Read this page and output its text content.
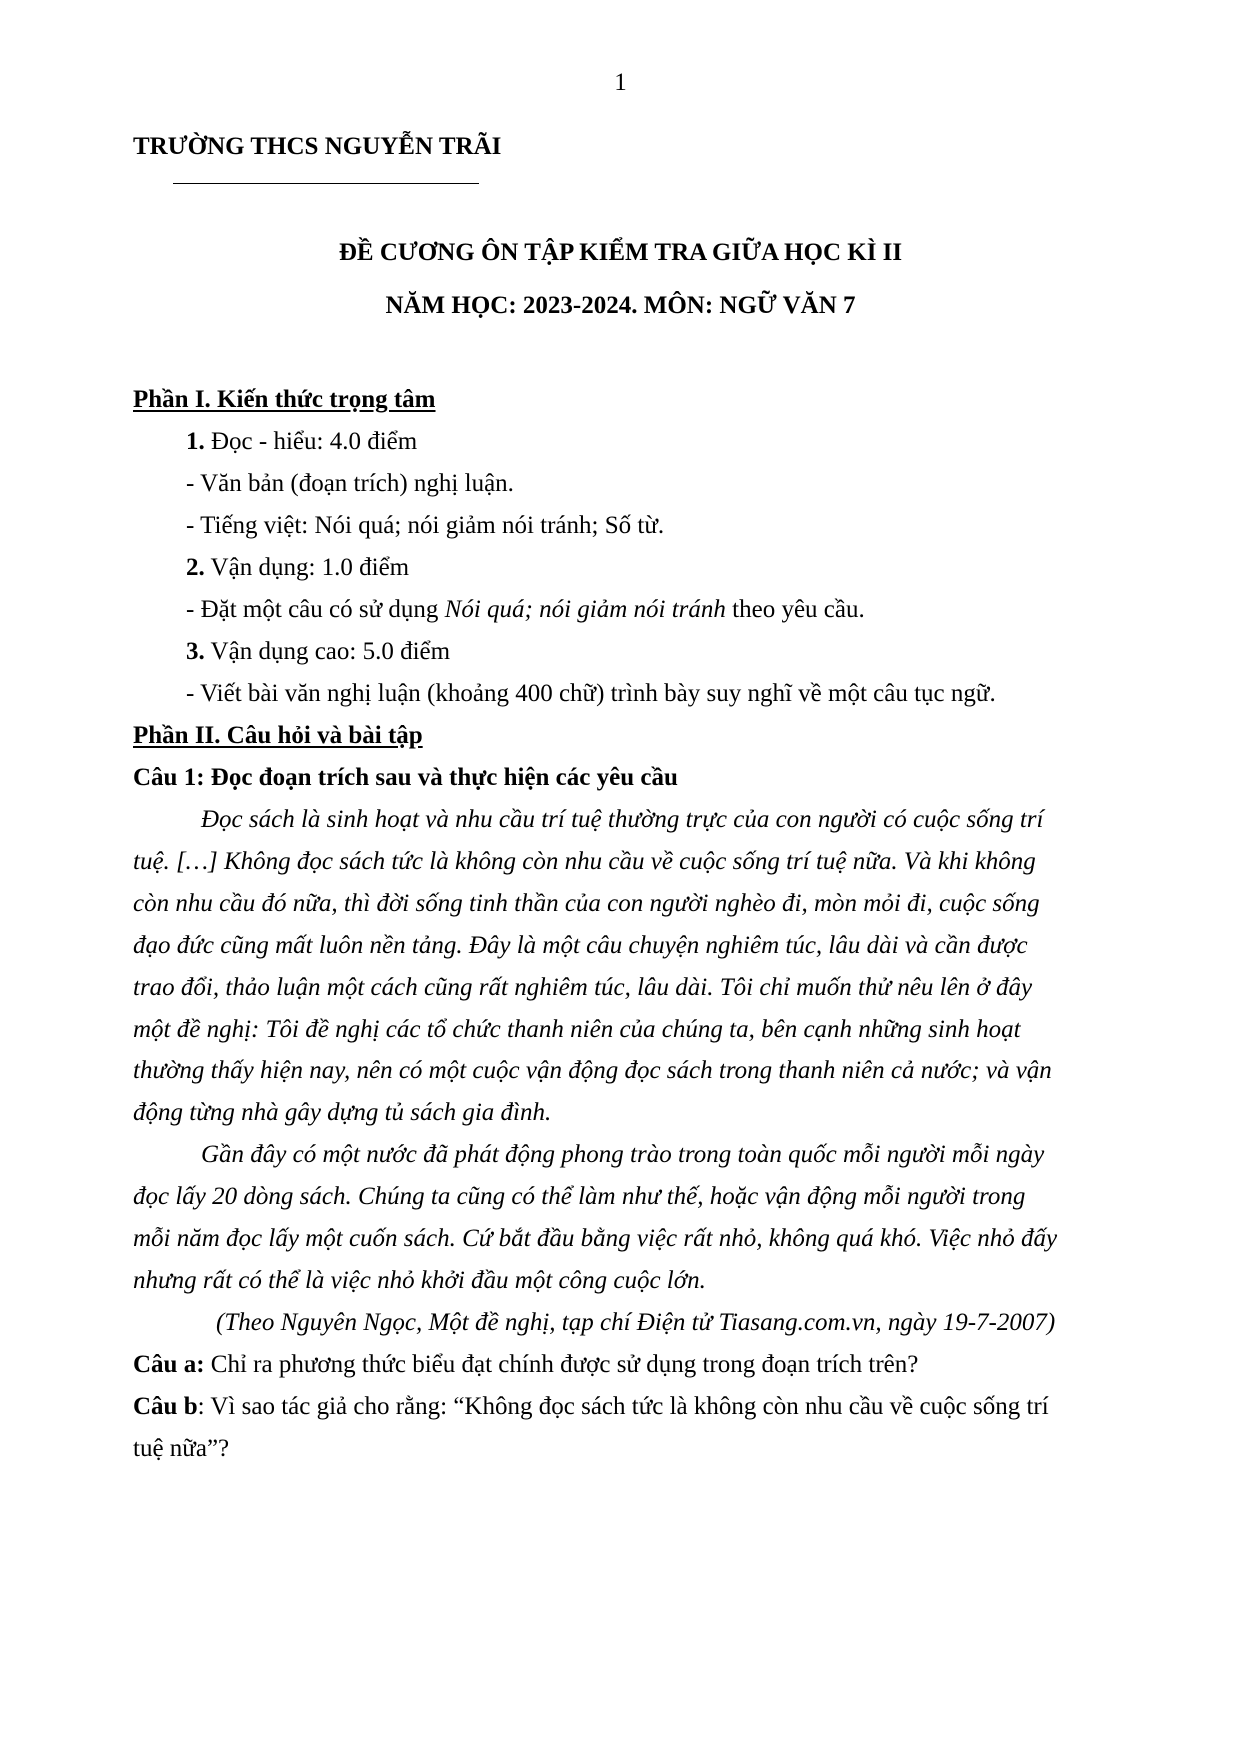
1
TRƯỜNG THCS NGUYỄN TRÃI
ĐỀ CƯƠNG ÔN TẬP KIỂM TRA GIỮA HỌC KÌ II
NĂM HỌC: 2023-2024. MÔN: NGỮ VĂN 7
Phần I. Kiến thức trọng tâm
1. Đọc - hiểu: 4.0 điểm
- Văn bản (đoạn trích) nghị luận.
- Tiếng việt: Nói quá; nói giảm nói tránh; Số từ.
2. Vận dụng: 1.0 điểm
- Đặt một câu có sử dụng Nói quá; nói giảm nói tránh theo yêu cầu.
3. Vận dụng cao: 5.0 điểm
- Viết bài văn nghị luận (khoảng 400 chữ) trình bày suy nghĩ về một câu tục ngữ.
Phần II. Câu hỏi và bài tập
Câu 1: Đọc đoạn trích sau và thực hiện các yêu cầu
Đọc sách là sinh hoạt và nhu cầu trí tuệ thường trực của con người có cuộc sống trí
tuệ. […] Không đọc sách tức là không còn nhu cầu về cuộc sống trí tuệ nữa. Và khi không
còn nhu cầu đó nữa, thì đời sống tinh thần của con người nghèo đi, mòn mỏi đi, cuộc sống
đạo đức cũng mất luôn nền tảng. Đây là một câu chuyện nghiêm túc, lâu dài và cần được
trao đổi, thảo luận một cách cũng rất nghiêm túc, lâu dài. Tôi chỉ muốn thử nêu lên ở đây
một đề nghị: Tôi đề nghị các tổ chức thanh niên của chúng ta, bên cạnh những sinh hoạt
thường thấy hiện nay, nên có một cuộc vận động đọc sách trong thanh niên cả nước; và vận
động từng nhà gây dựng tủ sách gia đình.
Gần đây có một nước đã phát động phong trào trong toàn quốc mỗi người mỗi ngày
đọc lấy 20 dòng sách. Chúng ta cũng có thể làm như thế, hoặc vận động mỗi người trong
mỗi năm đọc lấy một cuốn sách. Cứ bắt đầu bằng việc rất nhỏ, không quá khó. Việc nhỏ đấy
nhưng rất có thể là việc nhỏ khởi đầu một công cuộc lớn.
(Theo Nguyên Ngọc, Một đề nghị, tạp chí Điện tử Tiasang.com.vn, ngày 19-7-2007)
Câu a: Chỉ ra phương thức biểu đạt chính được sử dụng trong đoạn trích trên?
Câu b: Vì sao tác giả cho rằng: “Không đọc sách tức là không còn nhu cầu về cuộc sống trí
tuệ nữa”?
